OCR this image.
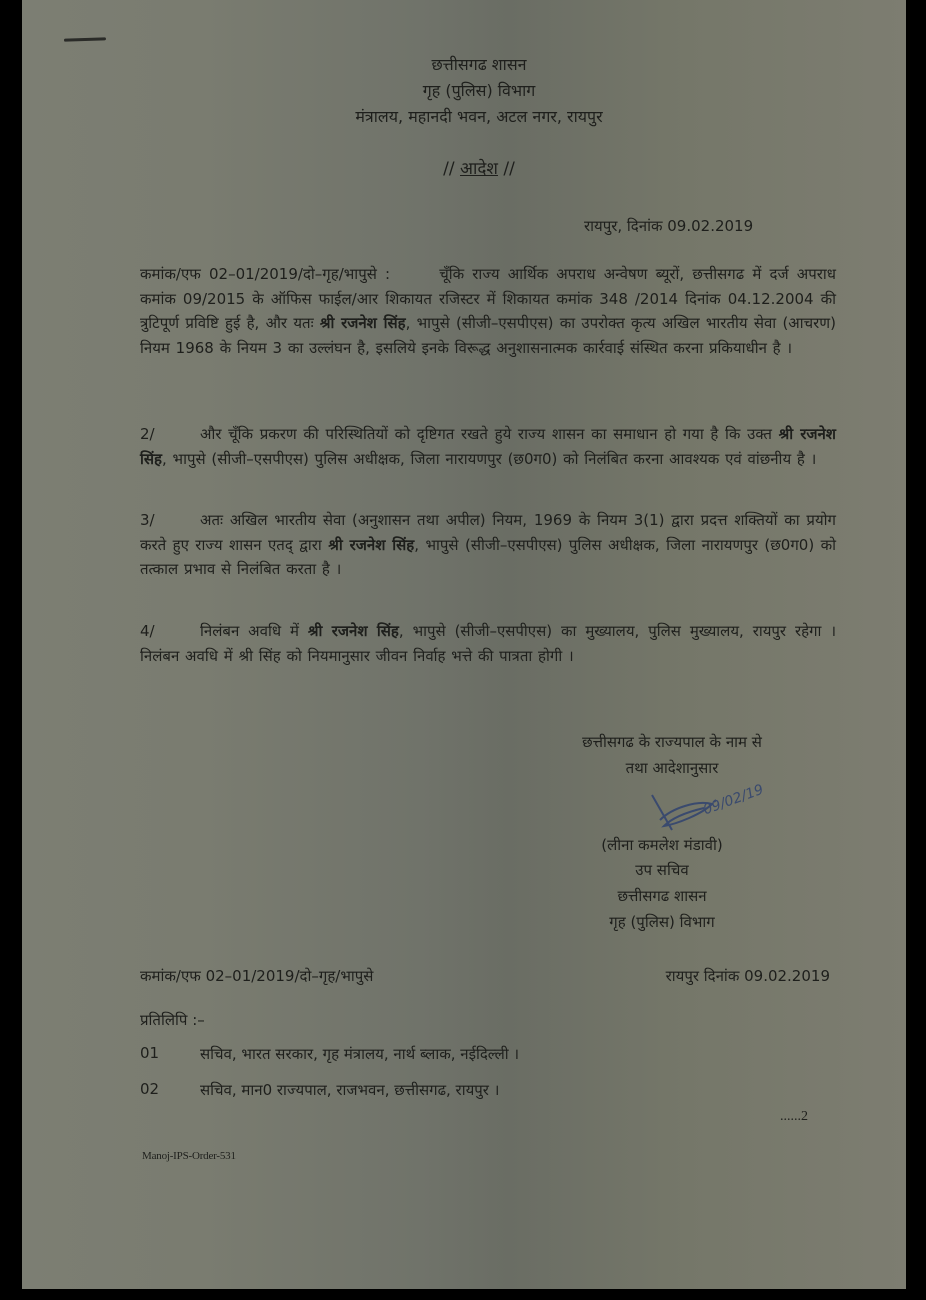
छत्तीसगढ शासन
गृह (पुलिस) विभाग
मंत्रालय, महानदी भवन, अटल नगर, रायपुर
// आदेश //
रायपुर, दिनांक 09.02.2019
कमांक/एफ 02–01/2019/दो–गृह/भापुसे :	चूँकि राज्य आर्थिक अपराध अन्वेषण ब्यूरों, छत्तीसगढ में दर्ज अपराध कमांक 09/2015 के ऑफिस फाईल/आर शिकायत रजिस्टर में शिकायत कमांक 348 /2014 दिनांक 04.12.2004 की त्रुटिपूर्ण प्रविष्टि हुई है, और यतः श्री रजनेश सिंह, भापुसे (सीजी–एसपीएस) का उपरोक्त कृत्य अखिल भारतीय सेवा (आचरण) नियम 1968 के नियम 3 का उल्लंघन है, इसलिये इनके विरूद्ध अनुशासनात्मक कार्रवाई संस्थित करना प्रकियाधीन है ।
2/	और चूँकि प्रकरण की परिस्थितियों को दृष्टिगत रखते हुये राज्य शासन का समाधान हो गया है कि उक्त श्री रजनेश सिंह, भापुसे (सीजी–एसपीएस) पुलिस अधीक्षक, जिला नारायणपुर (छ0ग0) को निलंबित करना आवश्यक एवं वांछनीय है ।
3/	अतः अखिल भारतीय सेवा (अनुशासन तथा अपील) नियम, 1969 के नियम 3(1) द्वारा प्रदत्त शक्तियों का प्रयोग करते हुए राज्य शासन एतद् द्वारा श्री रजनेश सिंह, भापुसे (सीजी–एसपीएस) पुलिस अधीक्षक, जिला नारायणपुर (छ0ग0) को तत्काल प्रभाव से निलंबित करता है ।
4/	निलंबन अवधि में श्री रजनेश सिंह, भापुसे (सीजी–एसपीएस) का मुख्यालय, पुलिस मुख्यालय, रायपुर रहेगा । निलंबन अवधि में श्री सिंह को नियमानुसार जीवन निर्वाह भत्ते की पात्रता होगी ।
छत्तीसगढ के राज्यपाल के नाम से
तथा आदेशानुसार
09/02/19
(लीना कमलेश मंडावी)
उप सचिव
छत्तीसगढ शासन
गृह (पुलिस) विभाग
कमांक/एफ 02–01/2019/दो–गृह/भापुसे	रायपुर दिनांक 09.02.2019
प्रतिलिपि :–
01	सचिव, भारत सरकार, गृह मंत्रालय, नार्थ ब्लाक, नईदिल्ली ।
02	सचिव, मान0 राज्यपाल, राजभवन, छत्तीसगढ, रायपुर ।
......2
Manoj-IPS-Order-531
